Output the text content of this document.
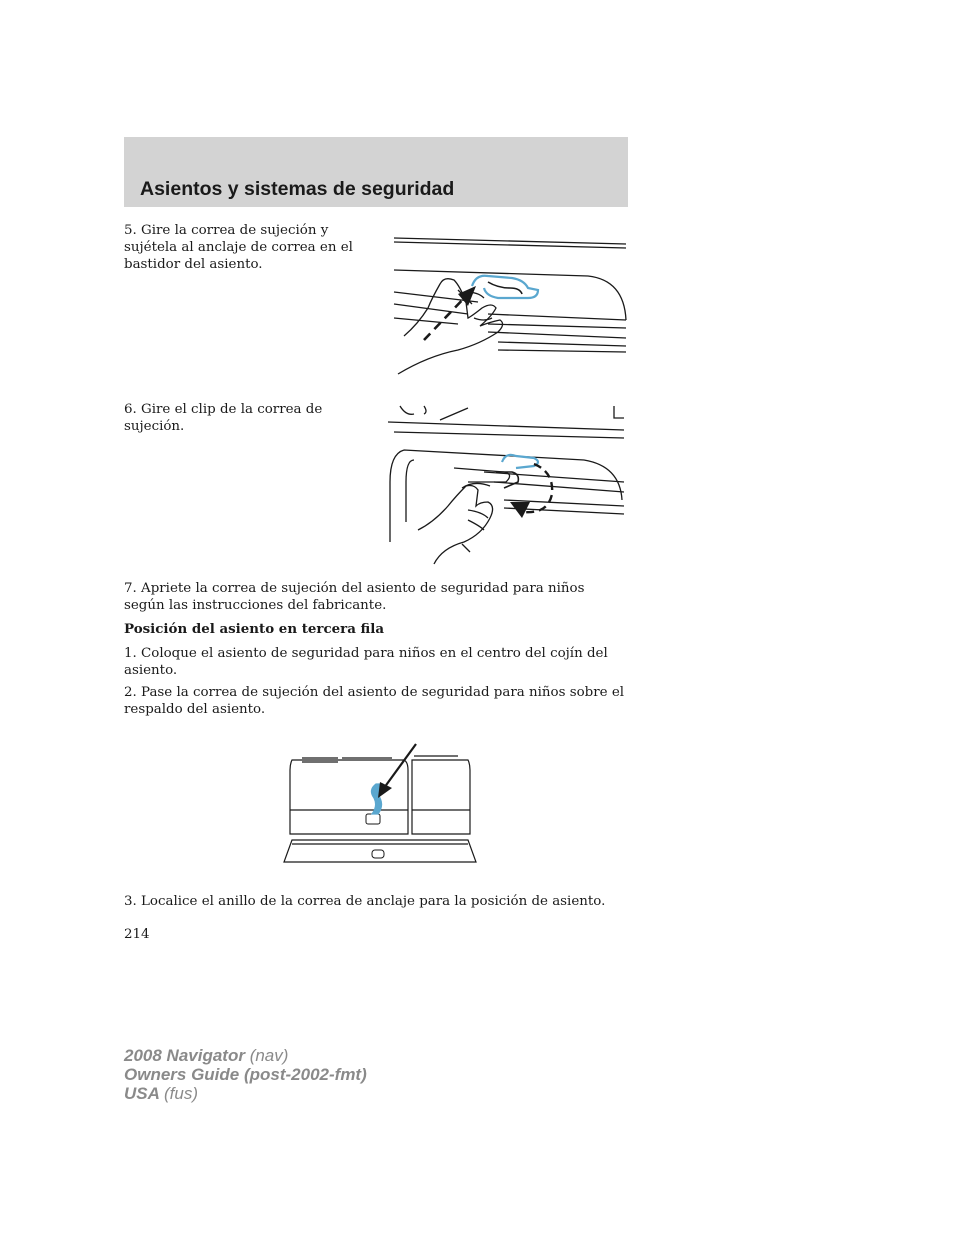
Asientos y sistemas de seguridad

5. Gire la correa de sujeción y sujétela al anclaje de correa en el bastidor del asiento.

6. Gire el clip de la correa de sujeción.

7. Apriete la correa de sujeción del asiento de seguridad para niños según las instrucciones del fabricante.

Posición del asiento en tercera fila

1. Coloque el asiento de seguridad para niños en el centro del cojín del asiento.

2. Pase la correa de sujeción del asiento de seguridad para niños sobre el respaldo del asiento.

3. Localice el anillo de la correa de anclaje para la posición de asiento.

214

2008 Navigator (nav)
Owners Guide (post-2002-fmt)
USA (fus)
